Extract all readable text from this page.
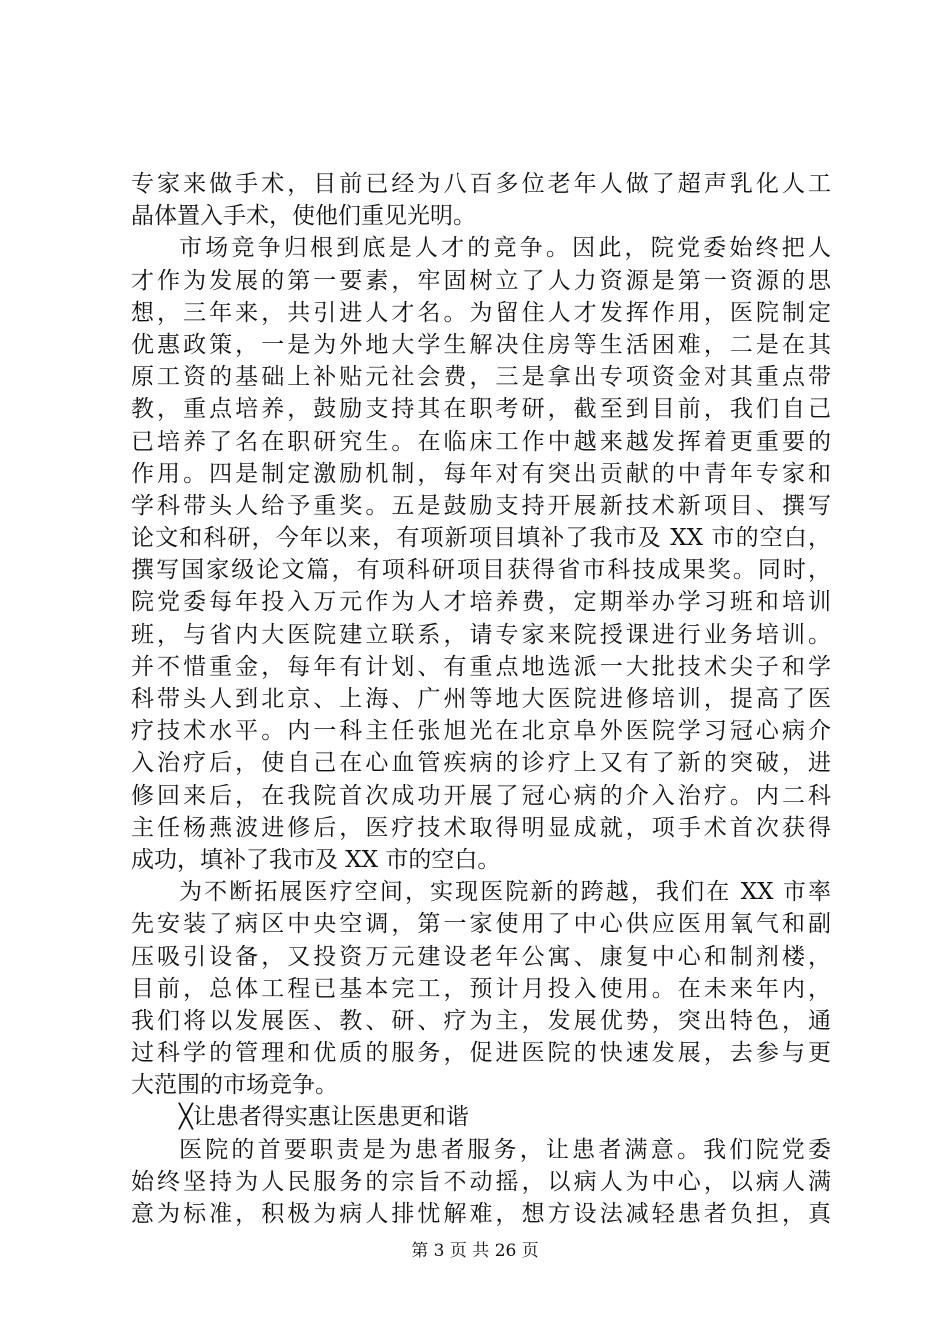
专家来做手术，目前已经为八百多位老年人做了超声乳化人工
晶体置入手术，使他们重见光明。
市场竞争归根到底是人才的竞争。因此，院党委始终把人
才作为发展的第一要素，牢固树立了人力资源是第一资源的思
想，三年来，共引进人才名。为留住人才发挥作用，医院制定
优惠政策，一是为外地大学生解决住房等生活困难，二是在其
原工资的基础上补贴元社会费，三是拿出专项资金对其重点带
教，重点培养，鼓励支持其在职考研，截至到目前，我们自己
已培养了名在职研究生。在临床工作中越来越发挥着更重要的
作用。四是制定激励机制，每年对有突出贡献的中青年专家和
学科带头人给予重奖。五是鼓励支持开展新技术新项目、撰写
论文和科研，今年以来，有项新项目填补了我市及 XX 市的空白，
撰写国家级论文篇，有项科研项目获得省市科技成果奖。同时，
院党委每年投入万元作为人才培养费，定期举办学习班和培训
班，与省内大医院建立联系，请专家来院授课进行业务培训。
并不惜重金，每年有计划、有重点地选派一大批技术尖子和学
科带头人到北京、上海、广州等地大医院进修培训，提高了医
疗技术水平。内一科主任张旭光在北京阜外医院学习冠心病介
入治疗后，使自己在心血管疾病的诊疗上又有了新的突破，进
修回来后，在我院首次成功开展了冠心病的介入治疗。内二科
主任杨燕波进修后，医疗技术取得明显成就，项手术首次获得
成功，填补了我市及 XX 市的空白。
为不断拓展医疗空间，实现医院新的跨越，我们在 XX 市率
先安装了病区中央空调，第一家使用了中心供应医用氧气和副
压吸引设备，又投资万元建设老年公寓、康复中心和制剂楼，
目前，总体工程已基本完工，预计月投入使用。在未来年内，
我们将以发展医、教、研、疗为主，发展优势，突出特色，通
过科学的管理和优质的服务，促进医院的快速发展，去参与更
大范围的市场竞争。
╳让患者得实惠让医患更和谐
医院的首要职责是为患者服务，让患者满意。我们院党委
始终坚持为人民服务的宗旨不动摇，以病人为中心，以病人满
意为标准，积极为病人排忧解难，想方设法减轻患者负担，真
第 3 页 共 26 页
